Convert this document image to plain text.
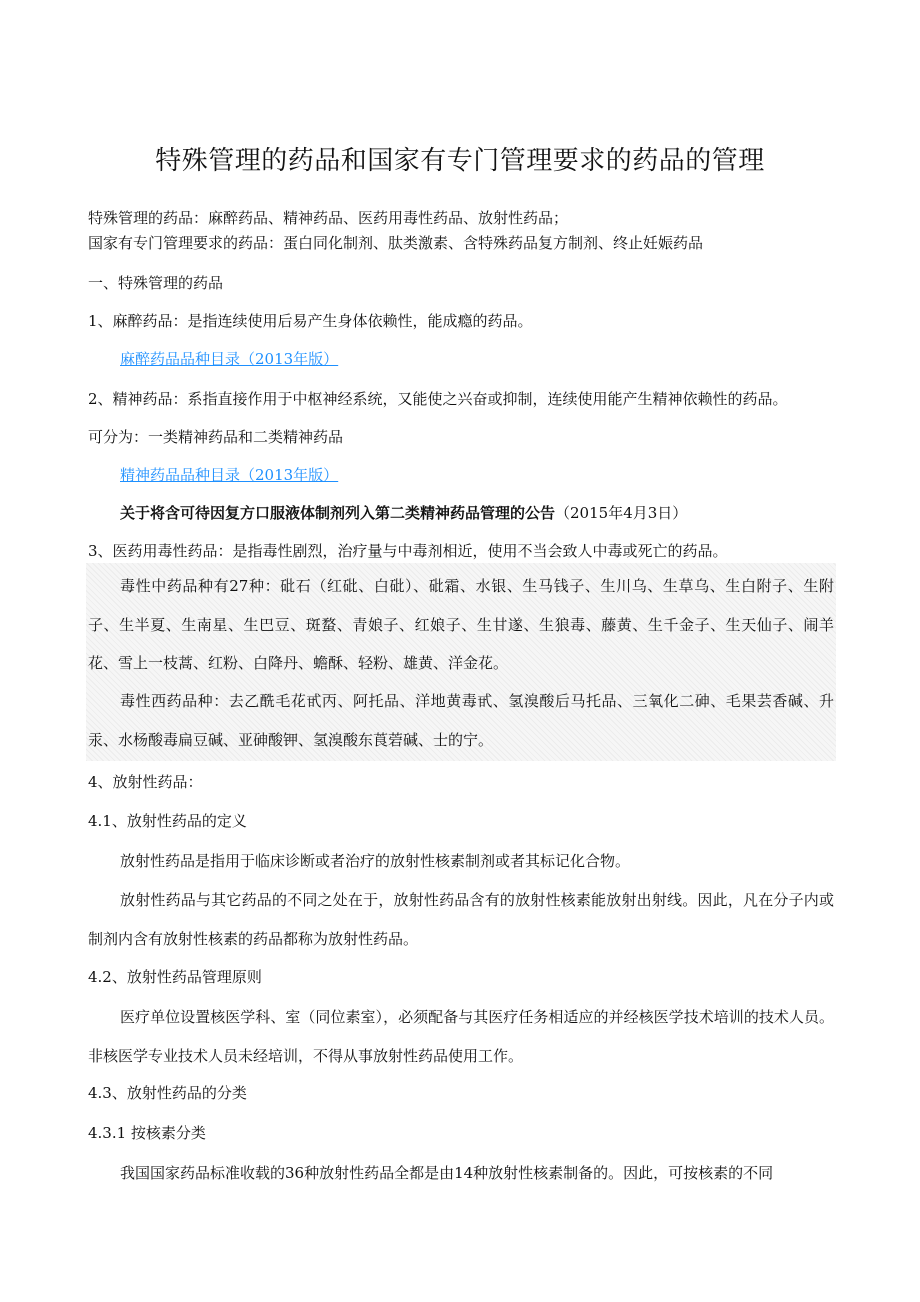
特殊管理的药品和国家有专门管理要求的药品的管理
特殊管理的药品：麻醉药品、精神药品、医药用毒性药品、放射性药品；
国家有专门管理要求的药品：蛋白同化制剂、肽类激素、含特殊药品复方制剂、终止妊娠药品
一、特殊管理的药品
1、麻醉药品：是指连续使用后易产生身体依赖性，能成瘾的药品。
麻醉药品品种目录（2013年版）
2、精神药品：系指直接作用于中枢神经系统，又能使之兴奋或抑制，连续使用能产生精神依赖性的药品。
可分为：一类精神药品和二类精神药品
精神药品品种目录（2013年版）
关于将含可待因复方口服液体制剂列入第二类精神药品管理的公告（2015年4月3日）
3、医药用毒性药品：是指毒性剧烈，治疗量与中毒剂相近，使用不当会致人中毒或死亡的药品。
毒性中药品种有27种：砒石（红砒、白砒）、砒霜、水银、生马钱子、生川乌、生草乌、生白附子、生附子、生半夏、生南星、生巴豆、斑蝥、青娘子、红娘子、生甘遂、生狼毒、藤黄、生千金子、生天仙子、闹羊花、雪上一枝蒿、红粉、白降丹、蟾酥、轻粉、雄黄、洋金花。
毒性西药品种：去乙酰毛花甙丙、阿托品、洋地黄毒甙、氢溴酸后马托品、三氧化二砷、毛果芸香碱、升汞、水杨酸毒扁豆碱、亚砷酸钾、氢溴酸东莨菪碱、士的宁。
4、放射性药品：
4.1、放射性药品的定义
放射性药品是指用于临床诊断或者治疗的放射性核素制剂或者其标记化合物。
放射性药品与其它药品的不同之处在于，放射性药品含有的放射性核素能放射出射线。因此，凡在分子内或制剂内含有放射性核素的药品都称为放射性药品。
4.2、放射性药品管理原则
医疗单位设置核医学科、室（同位素室），必须配备与其医疗任务相适应的并经核医学技术培训的技术人员。非核医学专业技术人员未经培训，不得从事放射性药品使用工作。
4.3、放射性药品的分类
4.3.1 按核素分类
我国国家药品标准收载的36种放射性药品全都是由14种放射性核素制备的。因此，可按核素的不同
